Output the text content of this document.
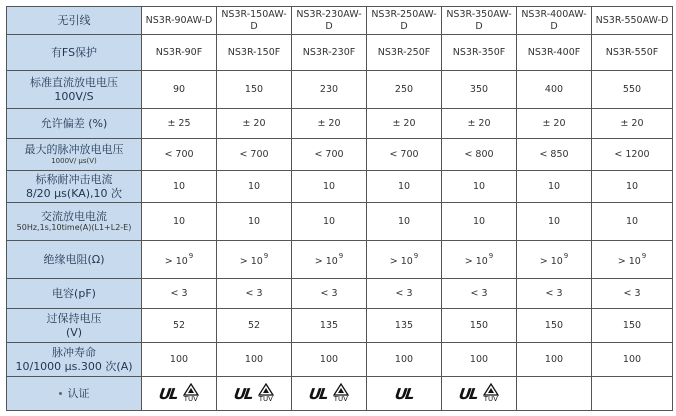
无引线	NS3R-90AW-D	NS3R-150AW-D	NS3R-230AW-D	NS3R-250AW-D	NS3R-350AW-D	NS3R-400AW-D	NS3R-550AW-D
有FS保护	NS3R-90F	NS3R-150F	NS3R-230F	NS3R-250F	NS3R-350F	NS3R-400F	NS3R-550F
标准直流放电电压
100V/S	90	150	230	250	350	400	550
允许偏差 (%)	± 25	± 20	± 20	± 20	± 20	± 20	± 20
最大的脉冲放电电压
1000V/ μs(V)	< 700	< 700	< 700	< 700	< 800	< 850	< 1200
标称耐冲击电流
8/20 μs(KA),10 次	10	10	10	10	10	10	10
交流放电电流
50Hz,1s,10time(A)(L1+L2-E)	10	10	10	10	10	10	10
绝缘电阻(Ω)	> $10^9$	> $10^9$	> $10^9$	> $10^9$	> $10^9$	> $10^9$	> $10^9$
电容(pF)	< 3	< 3	< 3	< 3	< 3	< 3	< 3
过保持电压
(V)	52	52	135	135	150	150	150
脉冲寿命
10/1000 μs.300 次(A)	100	100	100	100	100	100	100
认证	UL TÜV	UL TÜV	UL TÜV	UL	UL TÜV		
